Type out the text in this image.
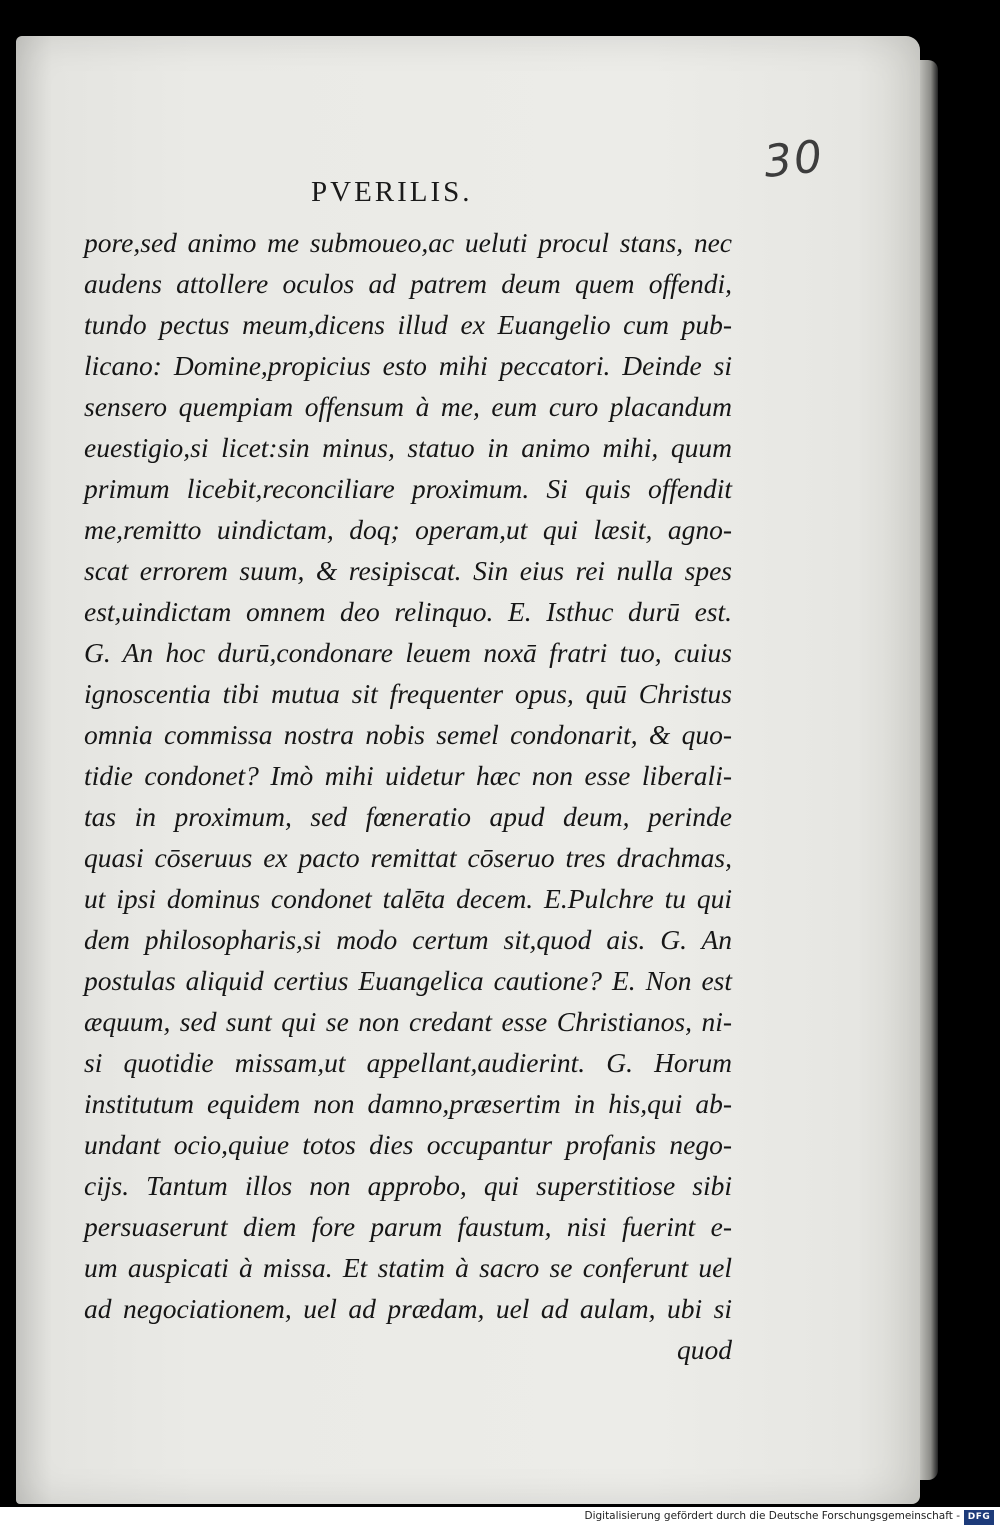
30
PVERILIS.
pore,sed animo me submoueo,ac ueluti procul stans, nec
audens attollere oculos ad patrem deum quem offendi,
tundo pectus meum,dicens illud ex Euangelio cum pub-
licano: Domine,propicius esto mihi peccatori. Deinde si
sensero quempiam offensum à me, eum curo placandum
euestigio,si licet:sin minus, statuo in animo mihi, quum
primum licebit,reconciliare proximum. Si quis offendit
me,remitto uindictam, doq; operam,ut qui læsit, agno-
scat errorem suum, & resipiscat. Sin eius rei nulla spes
est,uindictam omnem deo relinquo. E. Isthuc durū est.
G. An hoc durū,condonare leuem noxā fratri tuo, cuius
ignoscentia tibi mutua sit frequenter opus, quū Christus
omnia commissa nostra nobis semel condonarit, & quo-
tidie condonet? Imò mihi uidetur hæc non esse liberali-
tas in proximum, sed fœneratio apud deum, perinde
quasi cōseruus ex pacto remittat cōseruo tres drachmas,
ut ipsi dominus condonet talēta decem. E.Pulchre tu qui
dem philosopharis,si modo certum sit,quod ais. G. An
postulas aliquid certius Euangelica cautione? E. Non est
æquum, sed sunt qui se non credant esse Christianos, ni-
si quotidie missam,ut appellant,audierint. G. Horum
institutum equidem non damno,præsertim in his,qui ab-
undant ocio,quiue totos dies occupantur profanis nego-
cijs. Tantum illos non approbo, qui superstitiose sibi
persuaserunt diem fore parum faustum, nisi fuerint e-
um auspicati à missa. Et statim à sacro se conferunt uel
ad negociationem, uel ad prædam, uel ad aulam, ubi si
quod
Digitalisierung gefördert durch die Deutsche Forschungsgemeinschaft - DFG
